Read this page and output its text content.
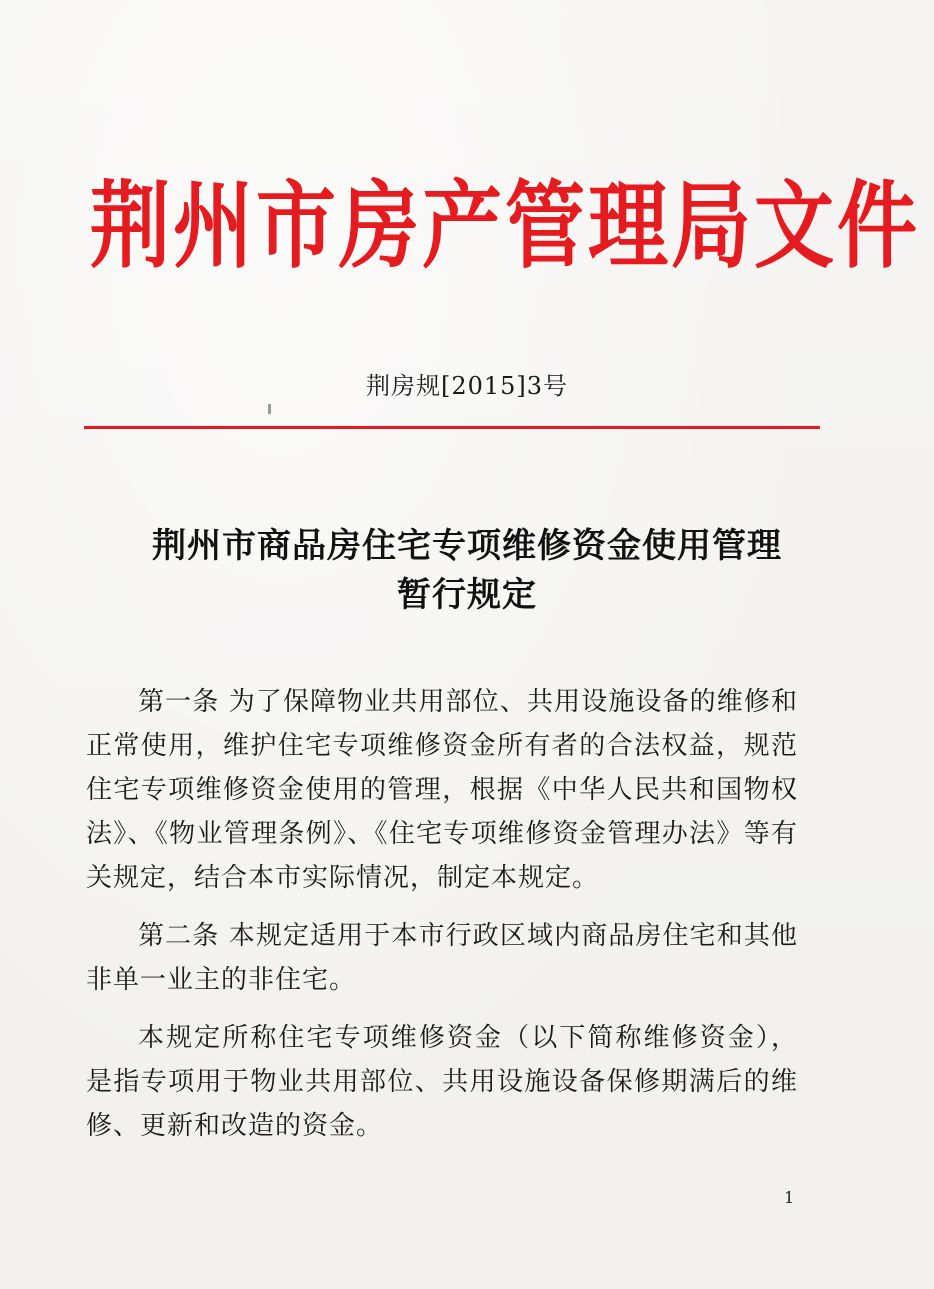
荆州市房产管理局文件
荆房规[2015]3号
荆州市商品房住宅专项维修资金使用管理
暂行规定

第一条 为了保障物业共用部位、共用设施设备的维修和正常使用，维护住宅专项维修资金所有者的合法权益，规范住宅专项维修资金使用的管理，根据《中华人民共和国物权法》、《物业管理条例》、《住宅专项维修资金管理办法》等有关规定，结合本市实际情况，制定本规定。

第二条 本规定适用于本市行政区域内商品房住宅和其他非单一业主的非住宅。

本规定所称住宅专项维修资金（以下简称维修资金），是指专项用于物业共用部位、共用设施设备保修期满后的维修、更新和改造的资金。

1
